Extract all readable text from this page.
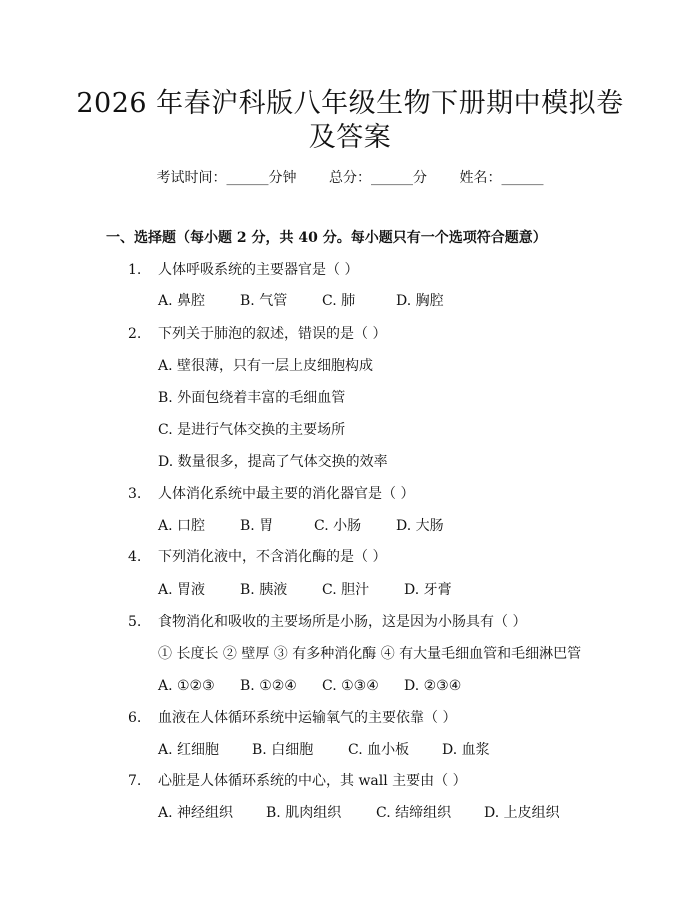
2026 年春沪科版八年级生物下册期中模拟卷
及答案
考试时间：______分钟 总分：______分 姓名：______
一、选择题（每小题 2 分，共 40 分。每小题只有一个选项符合题意）
1.	人体呼吸系统的主要器官是（ ）
A. 鼻腔 B. 气管 C. 肺	D. 胸腔
2. 下列关于肺泡的叙述，错误的是（ ）
A. 壁很薄，只有一层上皮细胞构成
B. 外面包绕着丰富的毛细血管
C. 是进行气体交换的主要场所
D. 数量很多，提高了气体交换的效率
3. 人体消化系统中最主要的消化器官是（ ）
A. 口腔 B. 胃	C. 小肠 D. 大肠
4. 下列消化液中，不含消化酶的是（ ）
A. 胃液 B. 胰液 C. 胆汁 D. 牙膏
5. 食物消化和吸收的主要场所是小肠，这是因为小肠具有（ ）
① 长度长 ② 壁厚 ③ 有多种消化酶 ④ 有大量毛细血管和毛细淋巴管
A. ①②③ B. ①②④ C. ①③④ D. ②③④
6. 血液在人体循环系统中运输氧气的主要依靠（ ）
A. 红细胞 B. 白细胞 C. 血小板 D. 血浆
7. 心脏是人体循环系统的中心，其 wall 主要由（ ）
A. 神经组织 B. 肌肉组织 C. 结缔组织 D. 上皮组织
